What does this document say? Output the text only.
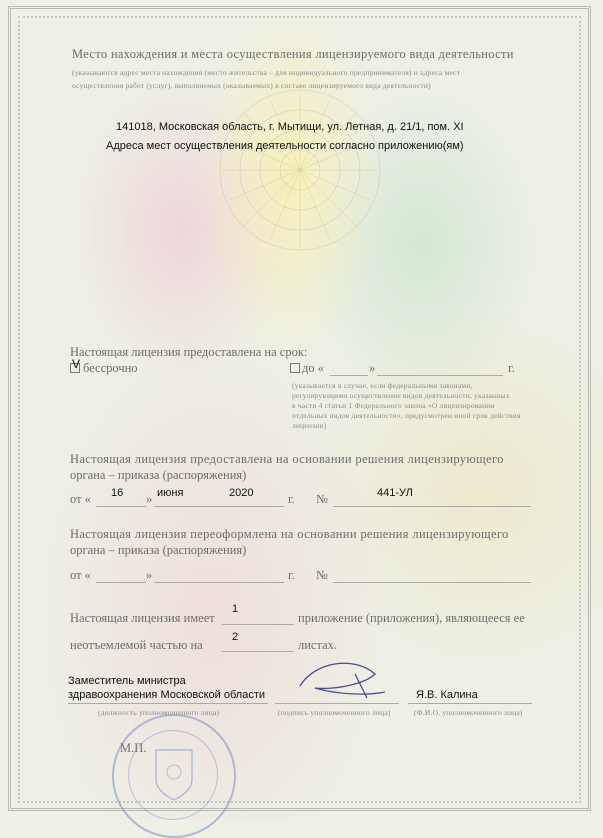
Место нахождения и места осуществления лицензируемого вида деятельности
(указываются адрес места нахождения (место жительства – для индивидуального предпринимателя) и адреса мест
осуществления работ (услуг), выполняемых (оказываемых) в составе лицензируемого вида деятельности)
141018, Московская область, г. Мытищи, ул. Летная, д. 21/1, пом. XI
Адреса мест осуществления деятельности согласно приложению(ям)
Настоящая лицензия предоставлена на срок:
V бессрочно	до «	»	г.
(указывается в случае, если федеральными законами,
регулирующими осуществление видов деятельности, указанных
в части 4 статьи 1 Федерального закона «О лицензировании
отдельных видов деятельности», предусмотрен иной срок действия
лицензии)
Настоящая лицензия предоставлена на основании решения лицензирующего
органа – приказа (распоряжения)
от « 16 » июня	2020	г. №	441-УЛ
Настоящая лицензия переоформлена на основании решения лицензирующего
органа – приказа (распоряжения)
от «	»	г. №
Настоящая лицензия имеет
1
приложение (приложения), являющееся ее
неотъемлемой частью на
2
листах.
Заместитель министра
здравоохранения Московской области	Я.В. Калина
(должность уполномоченного лица)	(подпись уполномоченного лица)	(Ф.И.О. уполномоченного лица)
М.П.
